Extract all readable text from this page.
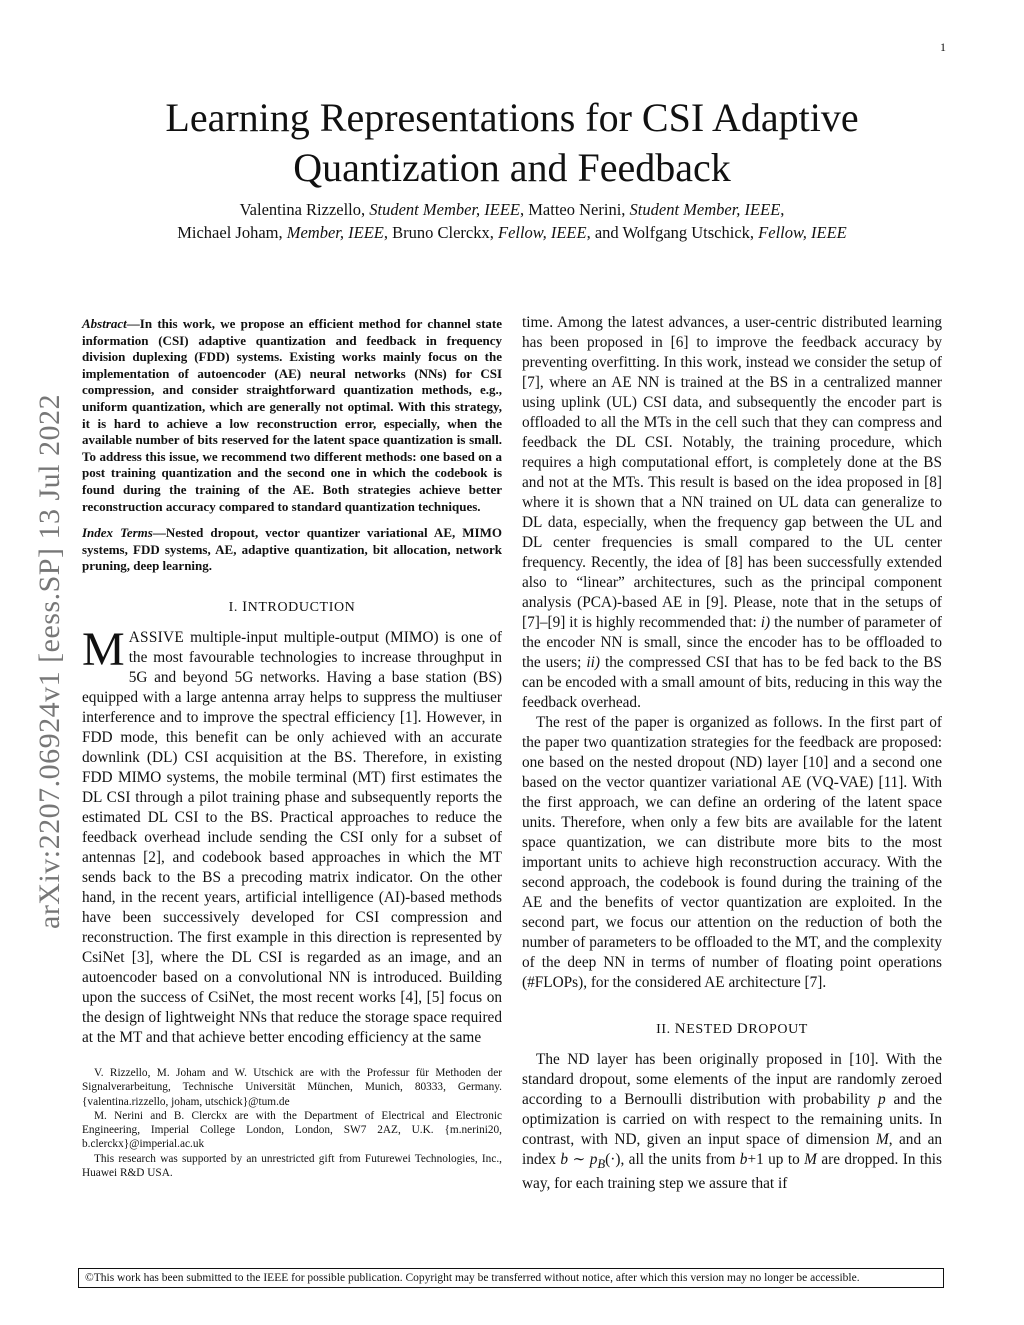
1
arXiv:2207.06924v1 [eess.SP] 13 Jul 2022
Learning Representations for CSI Adaptive Quantization and Feedback
Valentina Rizzello, Student Member, IEEE, Matteo Nerini, Student Member, IEEE,
Michael Joham, Member, IEEE, Bruno Clerckx, Fellow, IEEE, and Wolfgang Utschick, Fellow, IEEE

Abstract—In this work, we propose an efficient method for channel state information (CSI) adaptive quantization and feedback in frequency division duplexing (FDD) systems. Existing works mainly focus on the implementation of autoencoder (AE) neural networks (NNs) for CSI compression, and consider straightforward quantization methods, e.g., uniform quantization, which are generally not optimal. With this strategy, it is hard to achieve a low reconstruction error, especially, when the available number of bits reserved for the latent space quantization is small. To address this issue, we recommend two different methods: one based on a post training quantization and the second one in which the codebook is found during the training of the AE. Both strategies achieve better reconstruction accuracy compared to standard quantization techniques.

Index Terms—Nested dropout, vector quantizer variational AE, MIMO systems, FDD systems, AE, adaptive quantization, bit allocation, network pruning, deep learning.

I. INTRODUCTION

MASSIVE multiple-input multiple-output (MIMO) is one of the most favourable technologies to increase throughput in 5G and beyond 5G networks. Having a base station (BS) equipped with a large antenna array helps to suppress the multiuser interference and to improve the spectral efficiency [1]. However, in FDD mode, this benefit can be only achieved with an accurate downlink (DL) CSI acquisition at the BS. Therefore, in existing FDD MIMO systems, the mobile terminal (MT) first estimates the DL CSI through a pilot training phase and subsequently reports the estimated DL CSI to the BS. Practical approaches to reduce the feedback overhead include sending the CSI only for a subset of antennas [2], and codebook based approaches in which the MT sends back to the BS a precoding matrix indicator. On the other hand, in the recent years, artificial intelligence (AI)-based methods have been successively developed for CSI compression and reconstruction. The first example in this direction is represented by CsiNet [3], where the DL CSI is regarded as an image, and an autoencoder based on a convolutional NN is introduced. Building upon the success of CsiNet, the most recent works [4], [5] focus on the design of lightweight NNs that reduce the storage space required at the MT and that achieve better encoding efficiency at the same

V. Rizzello, M. Joham and W. Utschick are with the Professur für Methoden der Signalverarbeitung, Technische Universität München, Munich, 80333, Germany. {valentina.rizzello, joham, utschick}@tum.de

M. Nerini and B. Clerckx are with the Department of Electrical and Electronic Engineering, Imperial College London, London, SW7 2AZ, U.K. {m.nerini20, b.clerckx}@imperial.ac.uk

This research was supported by an unrestricted gift from Futurewei Technologies, Inc., Huawei R&D USA.

time. Among the latest advances, a user-centric distributed learning has been proposed in [6] to improve the feedback accuracy by preventing overfitting. In this work, instead we consider the setup of [7], where an AE NN is trained at the BS in a centralized manner using uplink (UL) CSI data, and subsequently the encoder part is offloaded to all the MTs in the cell such that they can compress and feedback the DL CSI. Notably, the training procedure, which requires a high computational effort, is completely done at the BS and not at the MTs. This result is based on the idea proposed in [8] where it is shown that a NN trained on UL data can generalize to DL data, especially, when the frequency gap between the UL and DL center frequencies is small compared to the UL center frequency. Recently, the idea of [8] has been successfully extended also to “linear” architectures, such as the principal component analysis (PCA)-based AE in [9]. Please, note that in the setups of [7]–[9] it is highly recommended that: i) the number of parameter of the encoder NN is small, since the encoder has to be offloaded to the users; ii) the compressed CSI that has to be fed back to the BS can be encoded with a small amount of bits, reducing in this way the feedback overhead.

The rest of the paper is organized as follows. In the first part of the paper two quantization strategies for the feedback are proposed: one based on the nested dropout (ND) layer [10] and a second one based on the vector quantizer variational AE (VQ-VAE) [11]. With the first approach, we can define an ordering of the latent space units. Therefore, when only a few bits are available for the latent space quantization, we can distribute more bits to the most important units to achieve high reconstruction accuracy. With the second approach, the codebook is found during the training of the AE and the benefits of vector quantization are exploited. In the second part, we focus our attention on the reduction of both the number of parameters to be offloaded to the MT, and the complexity of the deep NN in terms of number of floating point operations (#FLOPs), for the considered AE architecture [7].

II. NESTED DROPOUT

The ND layer has been originally proposed in [10]. With the standard dropout, some elements of the input are randomly zeroed according to a Bernoulli distribution with probability p and the optimization is carried on with respect to the remaining units. In contrast, with ND, given an input space of dimension M, and an index b ∼ $p_B(\cdot)$, all the units from b+1 up to M are dropped. In this way, for each training step we assure that if

©This work has been submitted to the IEEE for possible publication. Copyright may be transferred without notice, after which this version may no longer be accessible.
